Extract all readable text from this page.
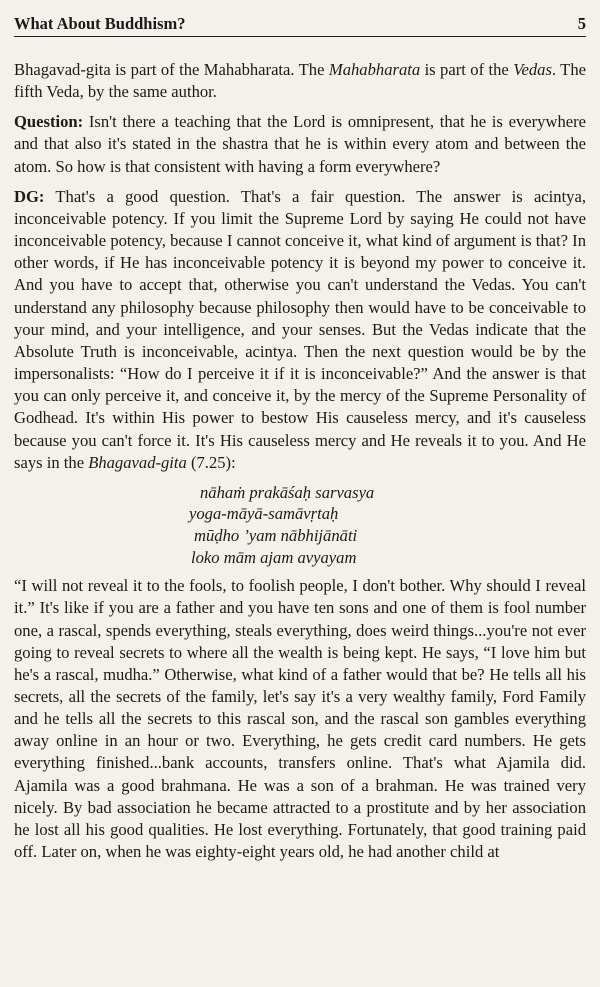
What About Buddhism?	5

Bhagavad-gita is part of the Mahabharata. The Mahabharata is part of the Vedas. The fifth Veda, by the same author.

Question: Isn't there a teaching that the Lord is omnipresent, that he is everywhere and that also it's stated in the shastra that he is within every atom and between the atom. So how is that consistent with having a form everywhere?

DG: That's a good question. That's a fair question. The answer is acintya, inconceivable potency. If you limit the Supreme Lord by saying He could not have inconceivable potency, because I cannot conceive it, what kind of argument is that? In other words, if He has inconceivable potency it is beyond my power to conceive it. And you have to accept that, otherwise you can't understand the Vedas. You can't understand any philosophy because philosophy then would have to be conceivable to your mind, and your intelligence, and your senses. But the Vedas indicate that the Absolute Truth is inconceivable, acintya. Then the next question would be by the impersonalists: “How do I perceive it if it is inconceivable?” And the answer is that you can only perceive it, and conceive it, by the mercy of the Supreme Personality of Godhead. It's within His power to bestow His causeless mercy, and it's causeless because you can't force it. It's His causeless mercy and He reveals it to you. And He says in the Bhagavad-gita (7.25):

nāhaṁ prakāśaḥ sarvasya
yoga-māyā-samāvṛtaḥ
mūḍho ’yam nābhijānāti
loko mām ajam avyayam

“I will not reveal it to the fools, to foolish people, I don't bother. Why should I reveal it.” It's like if you are a father and you have ten sons and one of them is fool number one, a rascal, spends everything, steals everything, does weird things...you're not ever going to reveal secrets to where all the wealth is being kept. He says, “I love him but he's a rascal, mudha.” Otherwise, what kind of a father would that be? He tells all his secrets, all the secrets of the family, let's say it's a very wealthy family, Ford Family and he tells all the secrets to this rascal son, and the rascal son gambles everything away online in an hour or two. Everything, he gets credit card numbers. He gets everything finished...bank accounts, transfers online. That's what Ajamila did. Ajamila was a good brahmana. He was a son of a brahman. He was trained very nicely. By bad association he became attracted to a prostitute and by her association he lost all his good qualities. He lost everything. Fortunately, that good training paid off. Later on, when he was eighty-eight years old, he had another child at
